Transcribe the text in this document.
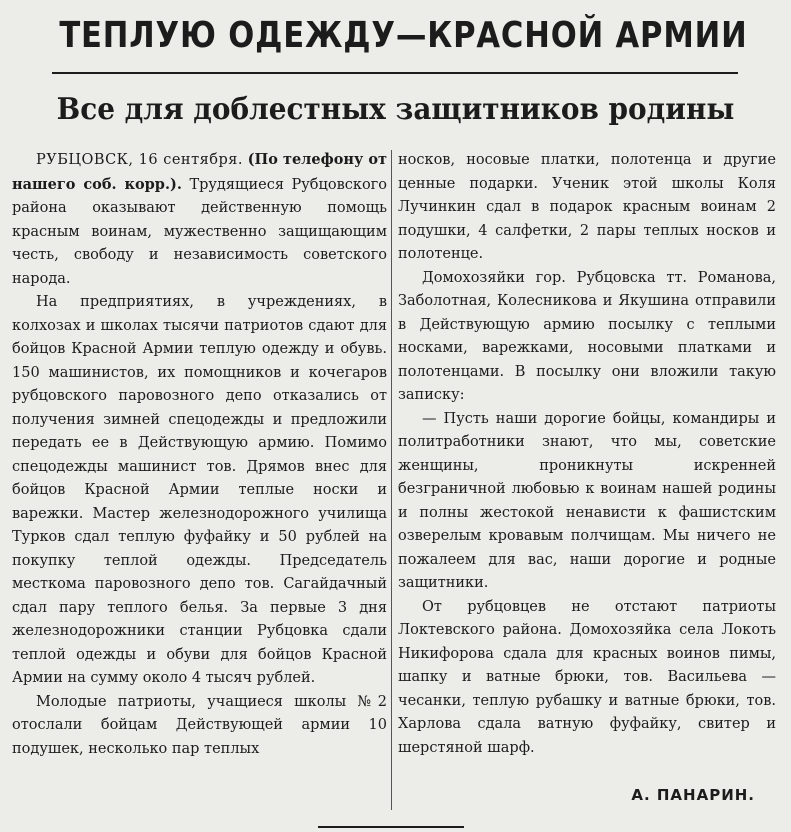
ТЕПЛУЮ ОДЕЖДУ—КРАСНОЙ АРМИИ
Все для доблестных защитников родины

РУБЦОВСК, 16 сентября. (По телефону от нашего соб. корр.). Трудящиеся Рубцовского района оказывают действенную помощь красным воинам, мужественно защищающим честь, свободу и независимость советского народа.

На предприятиях, в учреждениях, в колхозах и школах тысячи патриотов сдают для бойцов Красной Армии теплую одежду и обувь. 150 машинистов, их помощников и кочегаров рубцовского паровозного депо отказались от получения зимней спецодежды и предложили передать ее в Действующую армию. Помимо спецодежды машинист тов. Дрямов внес для бойцов Красной Армии теплые носки и варежки. Мастер железнодорожного училища Турков сдал теплую фуфайку и 50 рублей на покупку теплой одежды. Председатель месткома паровозного депо тов. Сагайдачный сдал пару теплого белья. За первые 3 дня железнодорожники станции Рубцовка сдали теплой одежды и обуви для бойцов Красной Армии на сумму около 4 тысяч рублей.

Молодые патриоты, учащиеся школы №2 отослали бойцам Действующей армии 10 подушек, несколько пар теплых

носков, носовые платки, полотенца и другие ценные подарки. Ученик этой школы Коля Лучинкин сдал в подарок красным воинам 2 подушки, 4 салфетки, 2 пары теплых носков и полотенце.

Домохозяйки гор. Рубцовска тт. Романова, Заболотная, Колесникова и Якушина отправили в Действующую армию посылку с теплыми носками, варежками, носовыми платками и полотенцами. В посылку они вложили такую записку:

— Пусть наши дорогие бойцы, командиры и политработники знают, что мы, советские женщины, проникнуты искренней безграничной любовью к воинам нашей родины и полны жестокой ненависти к фашистским озверелым кровавым полчищам. Мы ничего не пожалеем для вас, наши дорогие и родные защитники.

От рубцовцев не отстают патриоты Локтевского района. Домохозяйка села Локоть Никифорова сдала для красных воинов пимы, шапку и ватные брюки, тов. Васильева — чесанки, теплую рубашку и ватные брюки, тов. Харлова сдала ватную фуфайку, свитер и шерстяной шарф.

А. ПАНАРИН.
